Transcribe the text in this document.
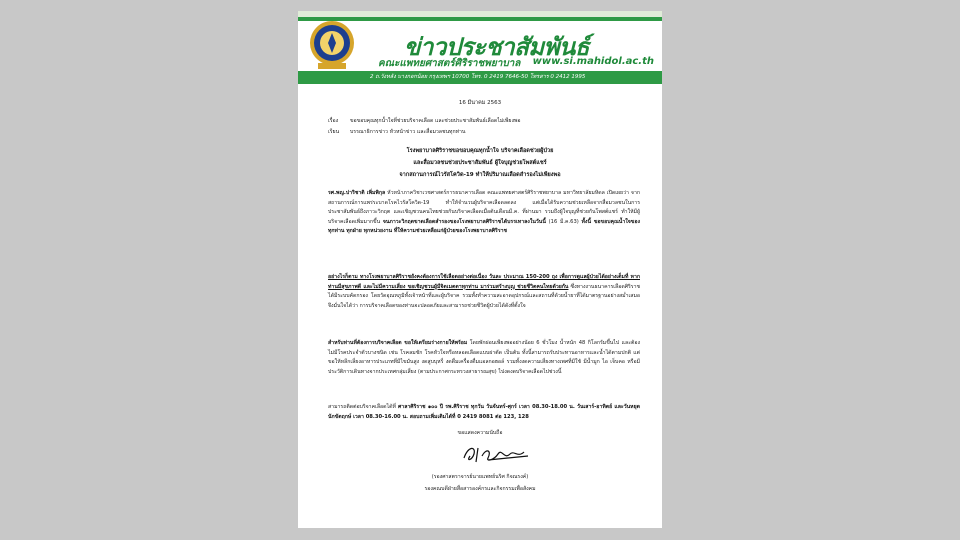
ข่าวประชาสัมพันธ์
คณะแพทยศาสตร์ศิริราชพยาบาล www.si.mahidol.ac.th
2 ถ.วังหลัง บางกอกน้อย กรุงเทพฯ 10700 โทร. 0 2419 7646-50 โทรสาร 0 2412 1995
16 มีนาคม 2563
เรื่อง ขอขอบคุณทุกน้ำใจที่ช่วยบริจาคเลือด และช่วยประชาสัมพันธ์เลือดไม่เพียงพอ
เรียน บรรณาธิการข่าว หัวหน้าข่าว และสื่อมวลชนทุกท่าน
โรงพยาบาลศิริราชขอขอบคุณทุกน้ำใจ บริจาคเลือดช่วยผู้ป่วย
และสื่อมวลชนช่วยประชาสัมพันธ์ ผู้ใจบุญช่วยโพสต์แชร์
จากสถานการณ์ไวรัสโควิด-19 ทำให้ปริมาณเลือดสำรองไม่เพียงพอ
รศ.พญ.ปาริชาติ เพิ่มพิกุล หัวหน้าภาควิชาเวชศาสตร์การธนาคารเลือด คณะแพทยศาสตร์ศิริราชพยาบาล มหาวิทยาลัยมหิดล เปิดเผยว่า จากสถานการณ์การแพร่ระบาดโรคไวรัสโควิด-19 ทำให้จำนวนผู้บริจาคเลือดลดลง แต่เมื่อได้รับความช่วยเหลือจากสื่อมวลชนในการประชาสัมพันธ์ถึงภาวะวิกฤต และเชิญชวนคนไทยช่วยกันบริจาคเลือดเมื่อต้นเดือนมี.ค. ที่ผ่านมา รวมถึงผู้ใจบุญที่ช่วยกันโพสต์แชร์ ทำให้มีผู้บริจาคเลือดเพิ่มมากขึ้น จนภาวะวิกฤตขาดเลือดสำรองของโรงพยาบาลศิริราชได้บรรเทาลงในวันนี้ (16 มี.ค.63) ทั้งนี้ ขอขอบคุณน้ำใจของทุกท่าน ทุกฝ่าย ทุกหน่วยงาน ที่ให้ความช่วยเหลือแก่ผู้ป่วยของโรงพยาบาลศิริราช
อย่างไรก็ตาม ทางโรงพยาบาลศิริราชยังคงต้องการใช้เลือดอย่างต่อเนื่อง วันละ ประมาณ 150-200 ถุง เพื่อการดูแลผู้ป่วยได้อย่างเต็มที่ หากท่านมีสุขภาพดี และไม่มีความเสี่ยง ขอเชิญชวนผู้มีจิตเมตตาทุกท่าน มาร่วมสร้างบุญ ช่วยชีวิตคนไทยด้วยกัน ซึ่งทางงานธนาคารเลือดศิริราชได้มีระบบคัดกรอง โดยวัดอุณหภูมิทั้งเจ้าหน้าที่และผู้บริจาค รวมทั้งทำความสะอาดอุปกรณ์และสถานที่ด้วยน้ำยาที่ได้มาตรฐานอย่างสม่ำเสมอ จึงมั่นใจได้ว่า การบริจาคเลือดของท่านจะปลอดภัยและสามารถช่วยชีวิตผู้ป่วยได้ดังที่ตั้งใจ
สำหรับท่านที่ต้องการบริจาคเลือด ขอให้เตรียมร่างกายให้พร้อม โดยพักผ่อนเพียงพออย่างน้อย 6 ชั่วโมง น้ำหนัก 48 กิโลกรัมขึ้นไป และต้องไม่มีโรคประจำตัวบางชนิด เช่น โรคลมชัก โรคหัวใจหรือหลอดเลือดแบบผ่าตัด เป็นต้น ทั้งนี้สามารถรับประทานอาหารและน้ำได้ตามปกติ แต่ขอให้หลีกเลี่ยงอาหารประเภทที่มีไขมันสูง งดสูบบุหรี่ งดดื่มเครื่องดื่มแอลกอฮอล์ รวมทั้งงดความเสี่ยงทางเพศที่มีใช้ มีน้ำมูก ไอ เจ็บคอ หรือมีประวัติการเดินทางจากประเทศกลุ่มเสี่ยง (ตามประกาศกระทรวงสาธารณสุข) ไปงดงดบริจาคเลือดไปช่วงนี้
สามารถติดต่อบริจาคเลือดได้ที่ ศาลาศิริราช ๑๐๐ ปี รพ.ศิริราช ทุกวัน วันจันทร์-ศุกร์ เวลา 08.30-18.00 น. วันเสาร์-อาทิตย์ และวันหยุดนักขัตฤกษ์ เวลา 08.30-16.00 น. สอบถามเพิ่มเติมได้ที่ 0 2419 8081 ต่อ 123, 128
ขอแสดงความนับถือ
(รองศาสตราจารย์นายแพทย์นริศ กิจณรงค์)
รองคณบดีฝ่ายสื่อสารองค์กรและกิจกรรมเพื่อสังคม
